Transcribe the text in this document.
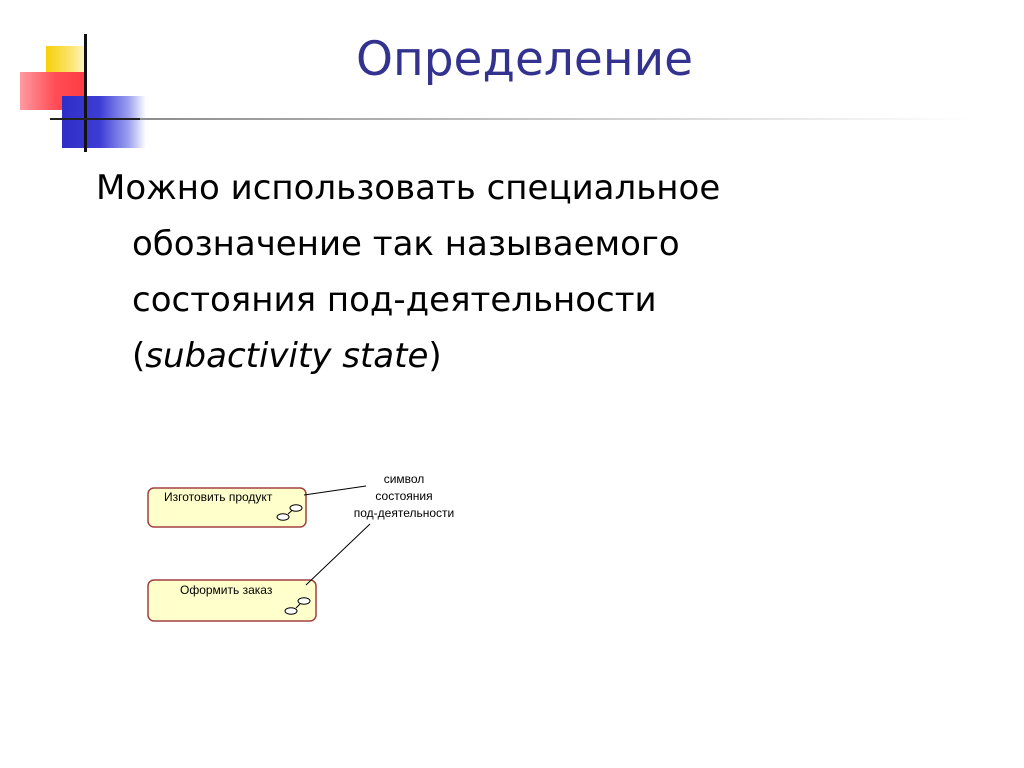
Определение
Можно использовать специальное
обозначение так называемого
состояния под-деятельности
(subactivity state)
Изготовить продукт
Оформить заказ
символ
состояния
под-деятельности
